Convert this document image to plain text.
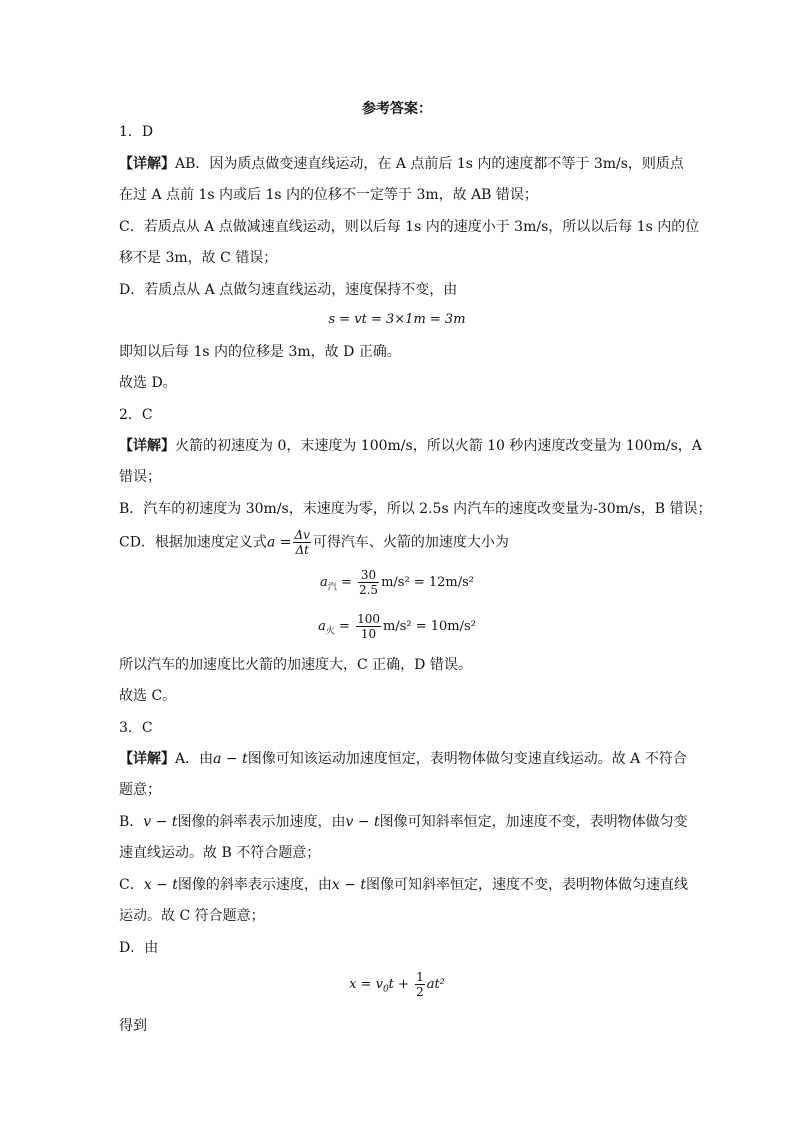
参考答案：
1．D
【详解】AB．因为质点做变速直线运动，在 A 点前后 1s 内的速度都不等于 3m/s，则质点
在过 A 点前 1s 内或后 1s 内的位移不一定等于 3m，故 AB 错误；
C．若质点从 A 点做减速直线运动，则以后每 1s 内的速度小于 3m/s，所以以后每 1s 内的位
移不是 3m，故 C 错误；
D．若质点从 A 点做匀速直线运动，速度保持不变，由
s = vt = 3×1m = 3m
即知以后每 1s 内的位移是 3m，故 D 正确。
故选 D。
2．C
【详解】火箭的初速度为 0，末速度为 100m/s，所以火箭 10 秒内速度改变量为 100m/s，A
错误；
B．汽车的初速度为 30m/s，末速度为零，所以 2.5s 内汽车的速度改变量为-30m/s，B 错误；
CD．根据加速度定义式$a = \frac{\Delta v}{\Delta t}$ 可得汽车、火箭的加速度大小为
$a_汽 = \frac{30}{2.5} m/s^2 = 12m/s^2$
$a_火 = \frac{100}{10} m/s^2 = 10m/s^2$
所以汽车的加速度比火箭的加速度大，C 正确，D 错误。
故选 C。
3．C
【详解】A．由a − t图像可知该运动加速度恒定，表明物体做匀变速直线运动。故 A 不符合
题意；
B．v − t图像的斜率表示加速度，由v − t图像可知斜率恒定，加速度不变，表明物体做匀变
速直线运动。故 B 不符合题意；
C．x − t图像的斜率表示速度，由x − t图像可知斜率恒定，速度不变，表明物体做匀速直线
运动。故 C 符合题意；
D．由
$x = v_0t + \frac{1}{2} at^2$
得到
